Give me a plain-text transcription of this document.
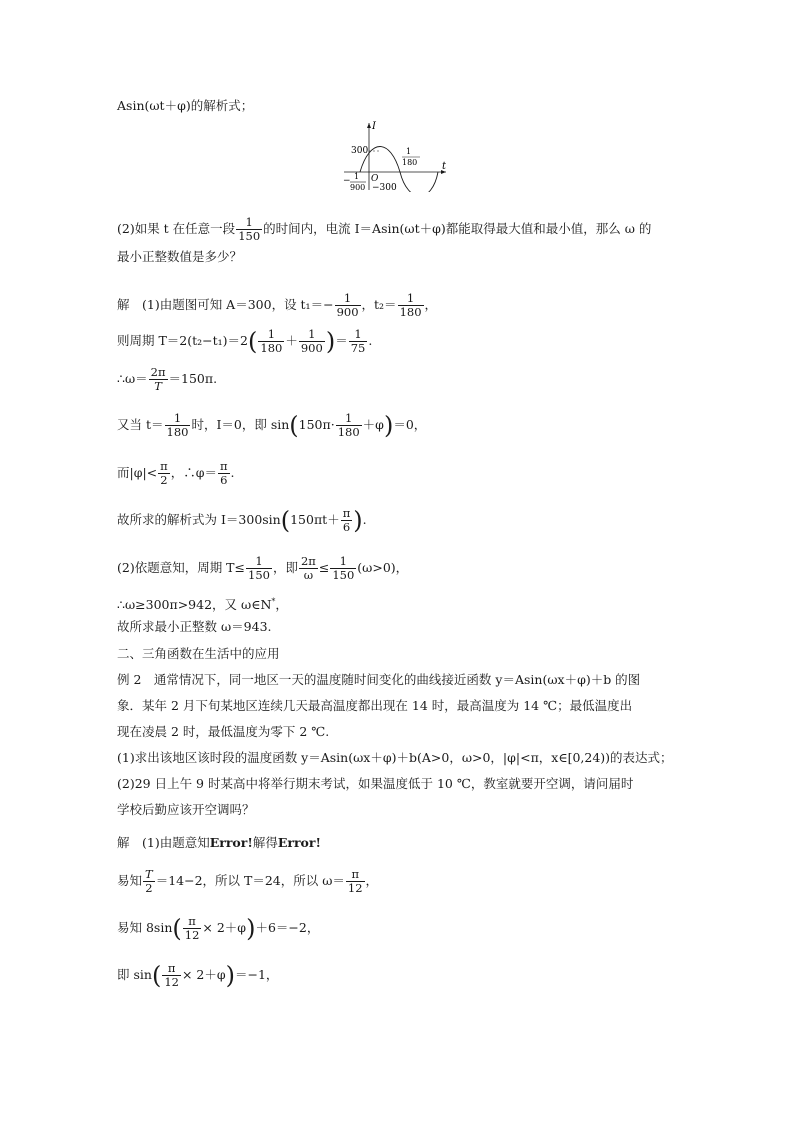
Asin(ωt＋φ)的解析式；
I
t
300
O
−300
1
180
− 1
900
(2)如果 t 在任意一段 $\frac{1}{150}$ 的时间内，电流 I＝Asin(ωt＋φ)都能取得最大值和最小值，那么 ω 的
最小正整数值是多少？
解　(1)由题图可知 A＝300，设 $t_1=- \frac{1}{900}$ ，$t_2= \frac{1}{180}$ ，
则周期 $T=2(t_2-t_1)=2( \frac{1}{180} + \frac{1}{900}$ )＝ $\frac{1}{75}$ .
∴ω＝ $\frac{2\pi}{T} =150\pi$.
又当 $t= \frac{1}{180}$ 时，I＝0，即 $\sin(150\pi\cdot \frac{1}{180} +\varphi)=0$，
而$|\varphi|< \frac{\pi}{2}$ ，∴φ＝ $\frac{\pi}{6}$ .
故所求的解析式为 $I=300\sin(150\pi t+ \frac{\pi}{6}$ ).
(2)依题意知，周期 $T\le \frac{1}{150}$ ，即 $\frac{2\pi}{\omega} \le \frac{1}{150} (\omega>0)$，
∴ω≥300π>942，又 ω∈N*，
故所求最小正整数 ω＝943.
二、三角函数在生活中的应用
例 2　通常情况下，同一地区一天的温度随时间变化的曲线接近函数 y＝Asin(ωx＋φ)＋b 的图
象．某年 2 月下旬某地区连续几天最高温度都出现在 14 时，最高温度为 14 ℃；最低温度出
现在凌晨 2 时，最低温度为零下 2 ℃.
(1)求出该地区该时段的温度函数 y＝Asin(ωx＋φ)＋b(A>0，ω>0，|φ|<π，x∈[0,24))的表达式；
(2)29 日上午 9 时某高中将举行期末考试，如果温度低于 10 ℃，教室就要开空调，请问届时
学校后勤应该开空调吗？
解　(1)由题意知Error!解得Error!
易知 $\frac{T}{2} =14-2$，所以 T＝24，所以 $\omega= \frac{\pi}{12}$ ，
易知 $8\sin( \frac{\pi}{12} \times 2+\varphi)+6=-2$，
即 $\sin( \frac{\pi}{12} \times 2+\varphi)=-1$，
